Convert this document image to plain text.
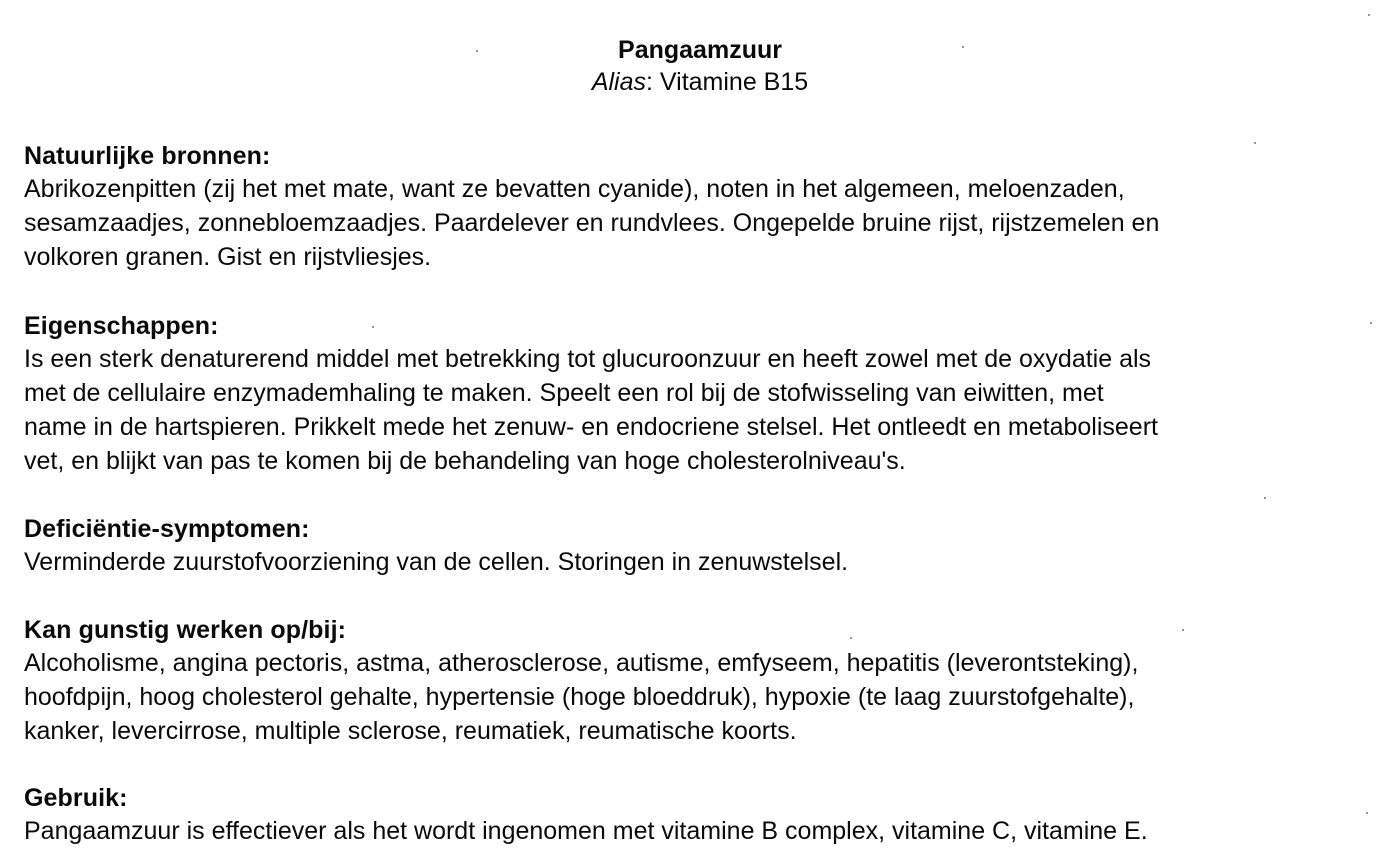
Pangaamzuur

Alias: Vitamine B15

Natuurlijke bronnen:

Abrikozenpitten (zij het met mate, want ze bevatten cyanide), noten in het algemeen, meloenzaden,

sesamzaadjes, zonnebloemzaadjes. Paardelever en rundvlees. Ongepelde bruine rijst, rijstzemelen en

volkoren granen. Gist en rijstvliesjes.

Eigenschappen:

Is een sterk denaturerend middel met betrekking tot glucuroonzuur en heeft zowel met de oxydatie als

met de cellulaire enzymademhaling te maken. Speelt een rol bij de stofwisseling van eiwitten, met

name in de hartspieren. Prikkelt mede het zenuw- en endocriene stelsel. Het ontleedt en metaboliseert

vet, en blijkt van pas te komen bij de behandeling van hoge cholesterolniveau's.

Deficiëntie-symptomen:

Verminderde zuurstofvoorziening van de cellen. Storingen in zenuwstelsel.

Kan gunstig werken op/bij:

Alcoholisme, angina pectoris, astma, atherosclerose, autisme, emfyseem, hepatitis (leverontsteking),

hoofdpijn, hoog cholesterol gehalte, hypertensie (hoge bloeddruk), hypoxie (te laag zuurstofgehalte),

kanker, levercirrose, multiple sclerose, reumatiek, reumatische koorts.

Gebruik:

Pangaamzuur is effectiever als het wordt ingenomen met vitamine B complex, vitamine C, vitamine E.
